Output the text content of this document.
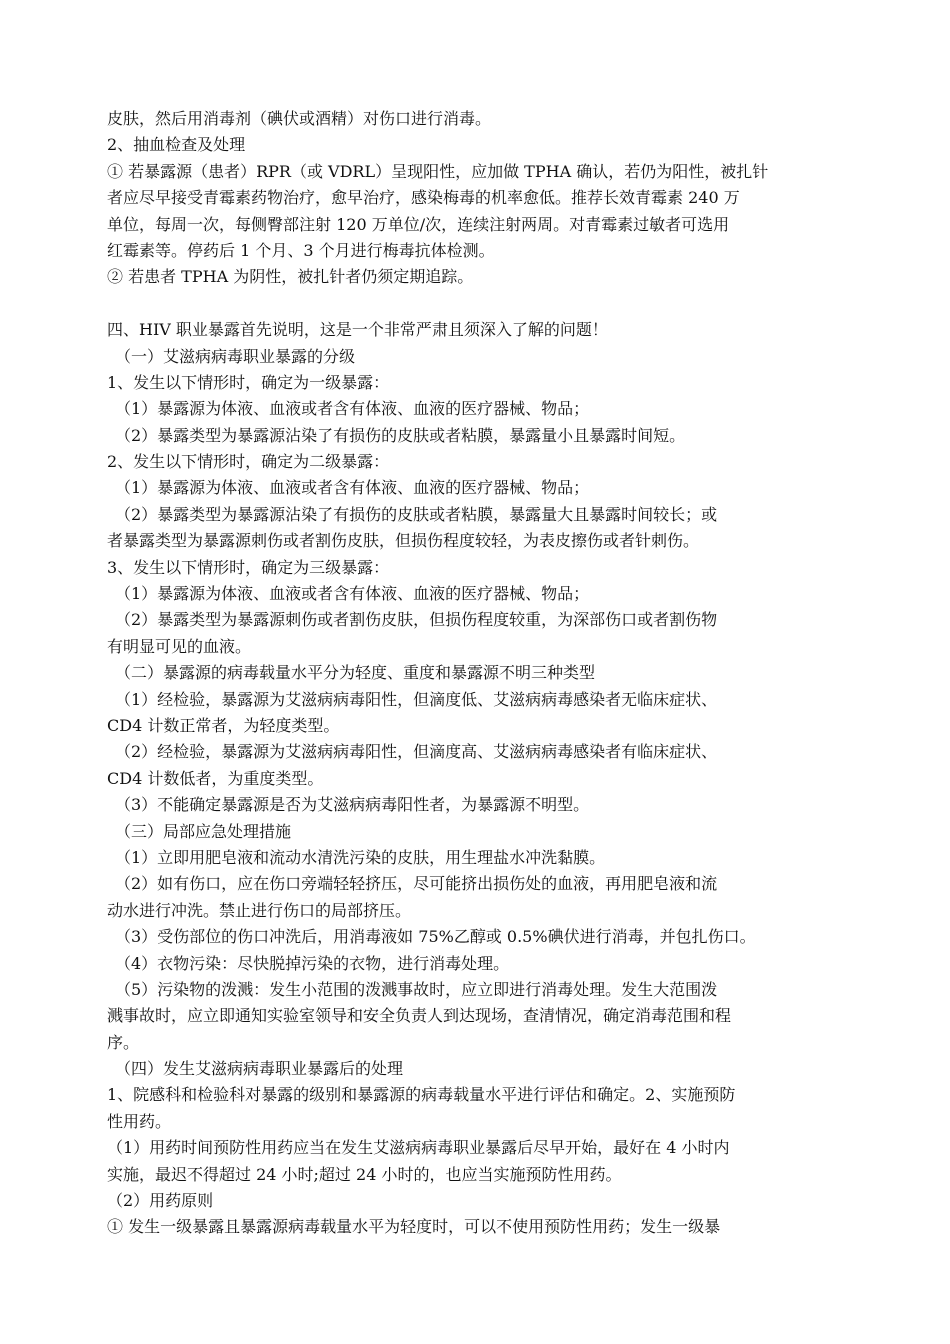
皮肤，然后用消毒剂（碘伏或酒精）对伤口进行消毒。
2、抽血检查及处理
① 若暴露源（患者）RPR（或 VDRL）呈现阳性，应加做 TPHA 确认，若仍为阳性，被扎针
者应尽早接受青霉素药物治疗，愈早治疗，感染梅毒的机率愈低。推荐长效青霉素 240 万
单位，每周一次，每侧臀部注射 120 万单位/次，连续注射两周。对青霉素过敏者可选用
红霉素等。停药后 1 个月、3 个月进行梅毒抗体检测。
② 若患者 TPHA 为阴性，被扎针者仍须定期追踪。
四、HIV 职业暴露首先说明，这是一个非常严肃且须深入了解的问题！
　（一）艾滋病病毒职业暴露的分级
1、发生以下情形时，确定为一级暴露：
　（1）暴露源为体液、血液或者含有体液、血液的医疗器械、物品；
　（2）暴露类型为暴露源沾染了有损伤的皮肤或者粘膜，暴露量小且暴露时间短。
2、发生以下情形时，确定为二级暴露：
　（1）暴露源为体液、血液或者含有体液、血液的医疗器械、物品；
　（2）暴露类型为暴露源沾染了有损伤的皮肤或者粘膜，暴露量大且暴露时间较长；或
者暴露类型为暴露源刺伤或者割伤皮肤，但损伤程度较轻，为表皮擦伤或者针刺伤。
3、发生以下情形时，确定为三级暴露：
　（1）暴露源为体液、血液或者含有体液、血液的医疗器械、物品；
　（2）暴露类型为暴露源刺伤或者割伤皮肤，但损伤程度较重，为深部伤口或者割伤物
有明显可见的血液。
　（二）暴露源的病毒载量水平分为轻度、重度和暴露源不明三种类型
　（1）经检验，暴露源为艾滋病病毒阳性，但滴度低、艾滋病病毒感染者无临床症状、
CD4 计数正常者，为轻度类型。
　（2）经检验，暴露源为艾滋病病毒阳性，但滴度高、艾滋病病毒感染者有临床症状、
CD4 计数低者，为重度类型。
　（3）不能确定暴露源是否为艾滋病病毒阳性者，为暴露源不明型。
　（三）局部应急处理措施
　（1）立即用肥皂液和流动水清洗污染的皮肤，用生理盐水冲洗黏膜。
　（2）如有伤口，应在伤口旁端轻轻挤压，尽可能挤出损伤处的血液，再用肥皂液和流
动水进行冲洗。禁止进行伤口的局部挤压。
　（3）受伤部位的伤口冲洗后，用消毒液如 75%乙醇或 0.5%碘伏进行消毒，并包扎伤口。
　（4）衣物污染：尽快脱掉污染的衣物，进行消毒处理。
　（5）污染物的泼溅：发生小范围的泼溅事故时，应立即进行消毒处理。发生大范围泼
溅事故时，应立即通知实验室领导和安全负责人到达现场，查清情况，确定消毒范围和程
序。
　（四）发生艾滋病病毒职业暴露后的处理
1、院感科和检验科对暴露的级别和暴露源的病毒载量水平进行评估和确定。2、实施预防
性用药。
（1）用药时间预防性用药应当在发生艾滋病病毒职业暴露后尽早开始，最好在 4 小时内
实施，最迟不得超过 24 小时;超过 24 小时的，也应当实施预防性用药。
（2）用药原则
① 发生一级暴露且暴露源病毒载量水平为轻度时，可以不使用预防性用药；发生一级暴
